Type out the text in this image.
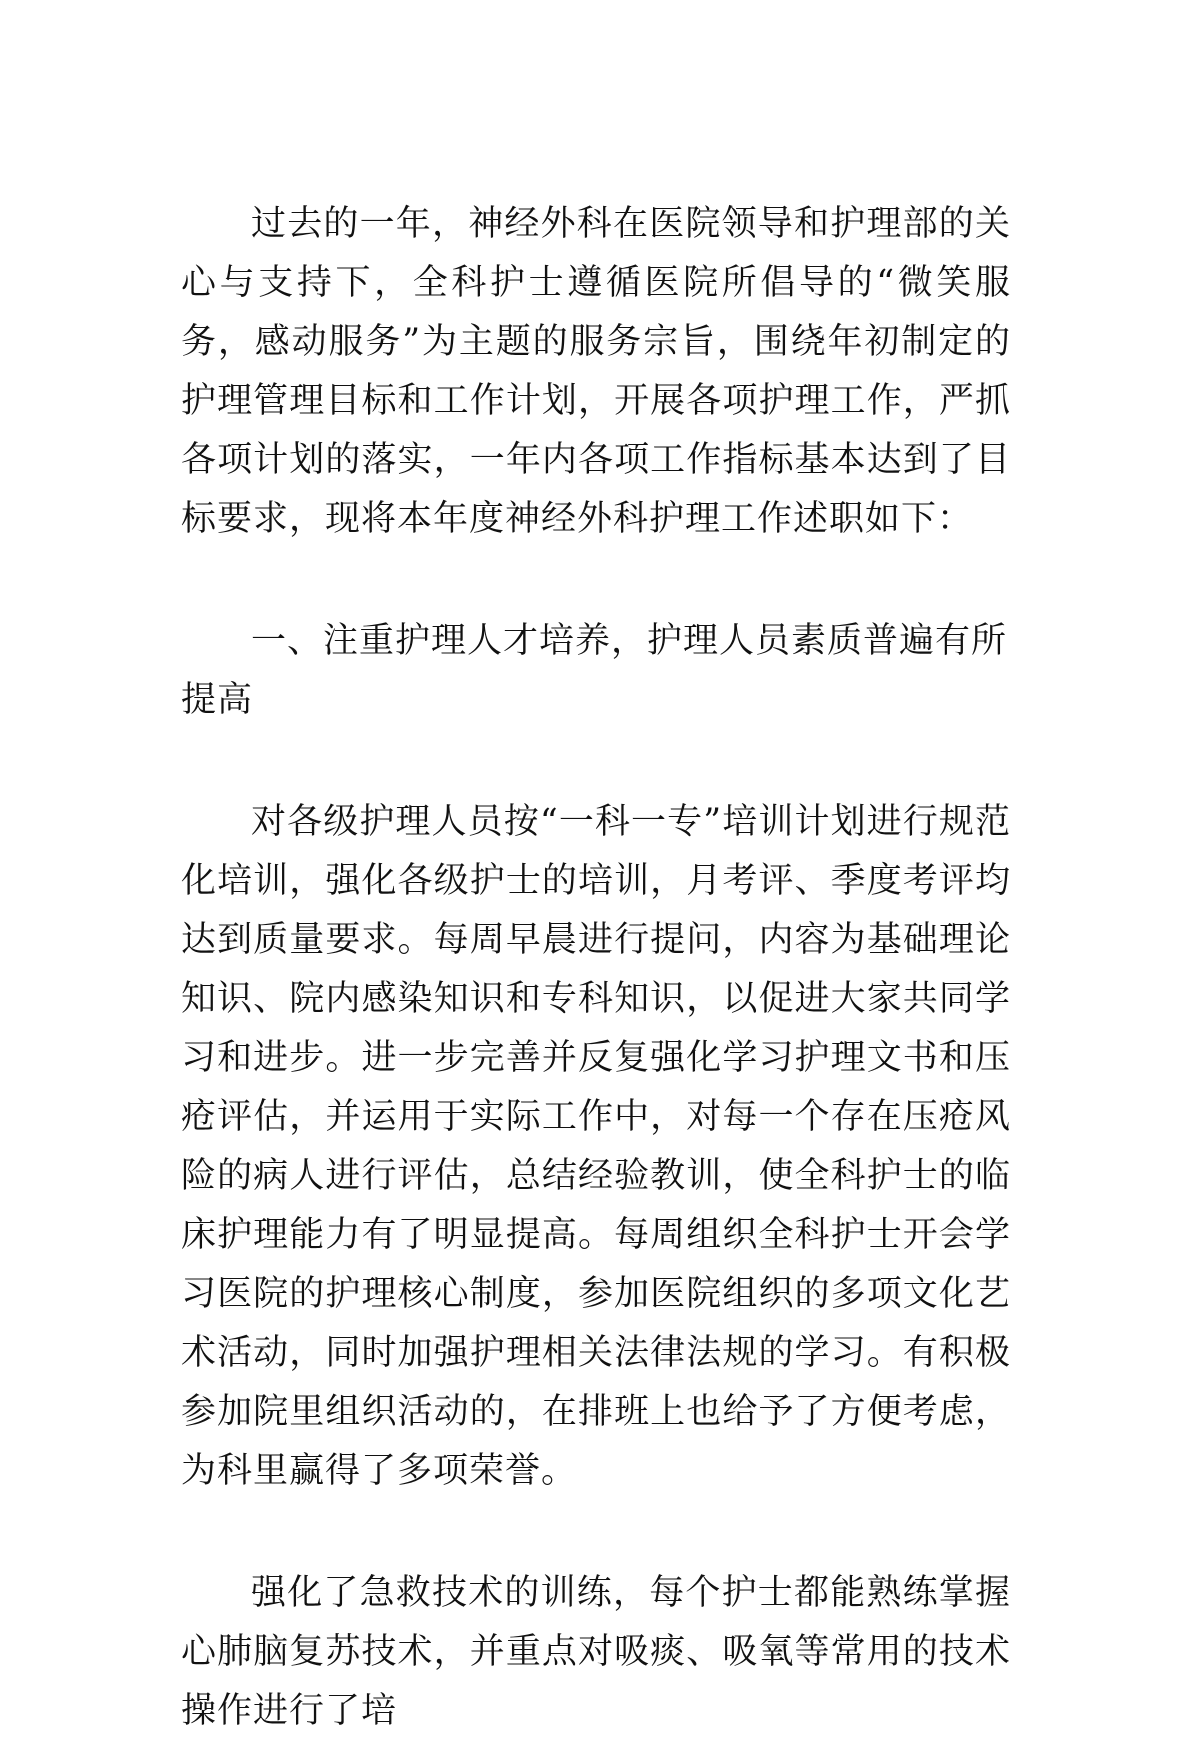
过去的一年，神经外科在医院领导和护理部的关心与支持下，全科护士遵循医院所倡导的“微笑服务，感动服务”为主题的服务宗旨，围绕年初制定的护理管理目标和工作计划，开展各项护理工作，严抓各项计划的落实，一年内各项工作指标基本达到了目标要求，现将本年度神经外科护理工作述职如下：

一、注重护理人才培养，护理人员素质普遍有所提高

对各级护理人员按“一科一专”培训计划进行规范化培训，强化各级护士的培训，月考评、季度考评均达到质量要求。每周早晨进行提问，内容为基础理论知识、院内感染知识和专科知识，以促进大家共同学习和进步。进一步完善并反复强化学习护理文书和压疮评估，并运用于实际工作中，对每一个存在压疮风险的病人进行评估，总结经验教训，使全科护士的临床护理能力有了明显提高。每周组织全科护士开会学习医院的护理核心制度，参加医院组织的多项文化艺术活动，同时加强护理相关法律法规的学习。有积极参加院里组织活动的，在排班上也给予了方便考虑，为科里赢得了多项荣誉。

强化了急救技术的训练，每个护士都能熟练掌握心肺脑复苏技术，并重点对吸痰、吸氧等常用的技术操作进行了培
